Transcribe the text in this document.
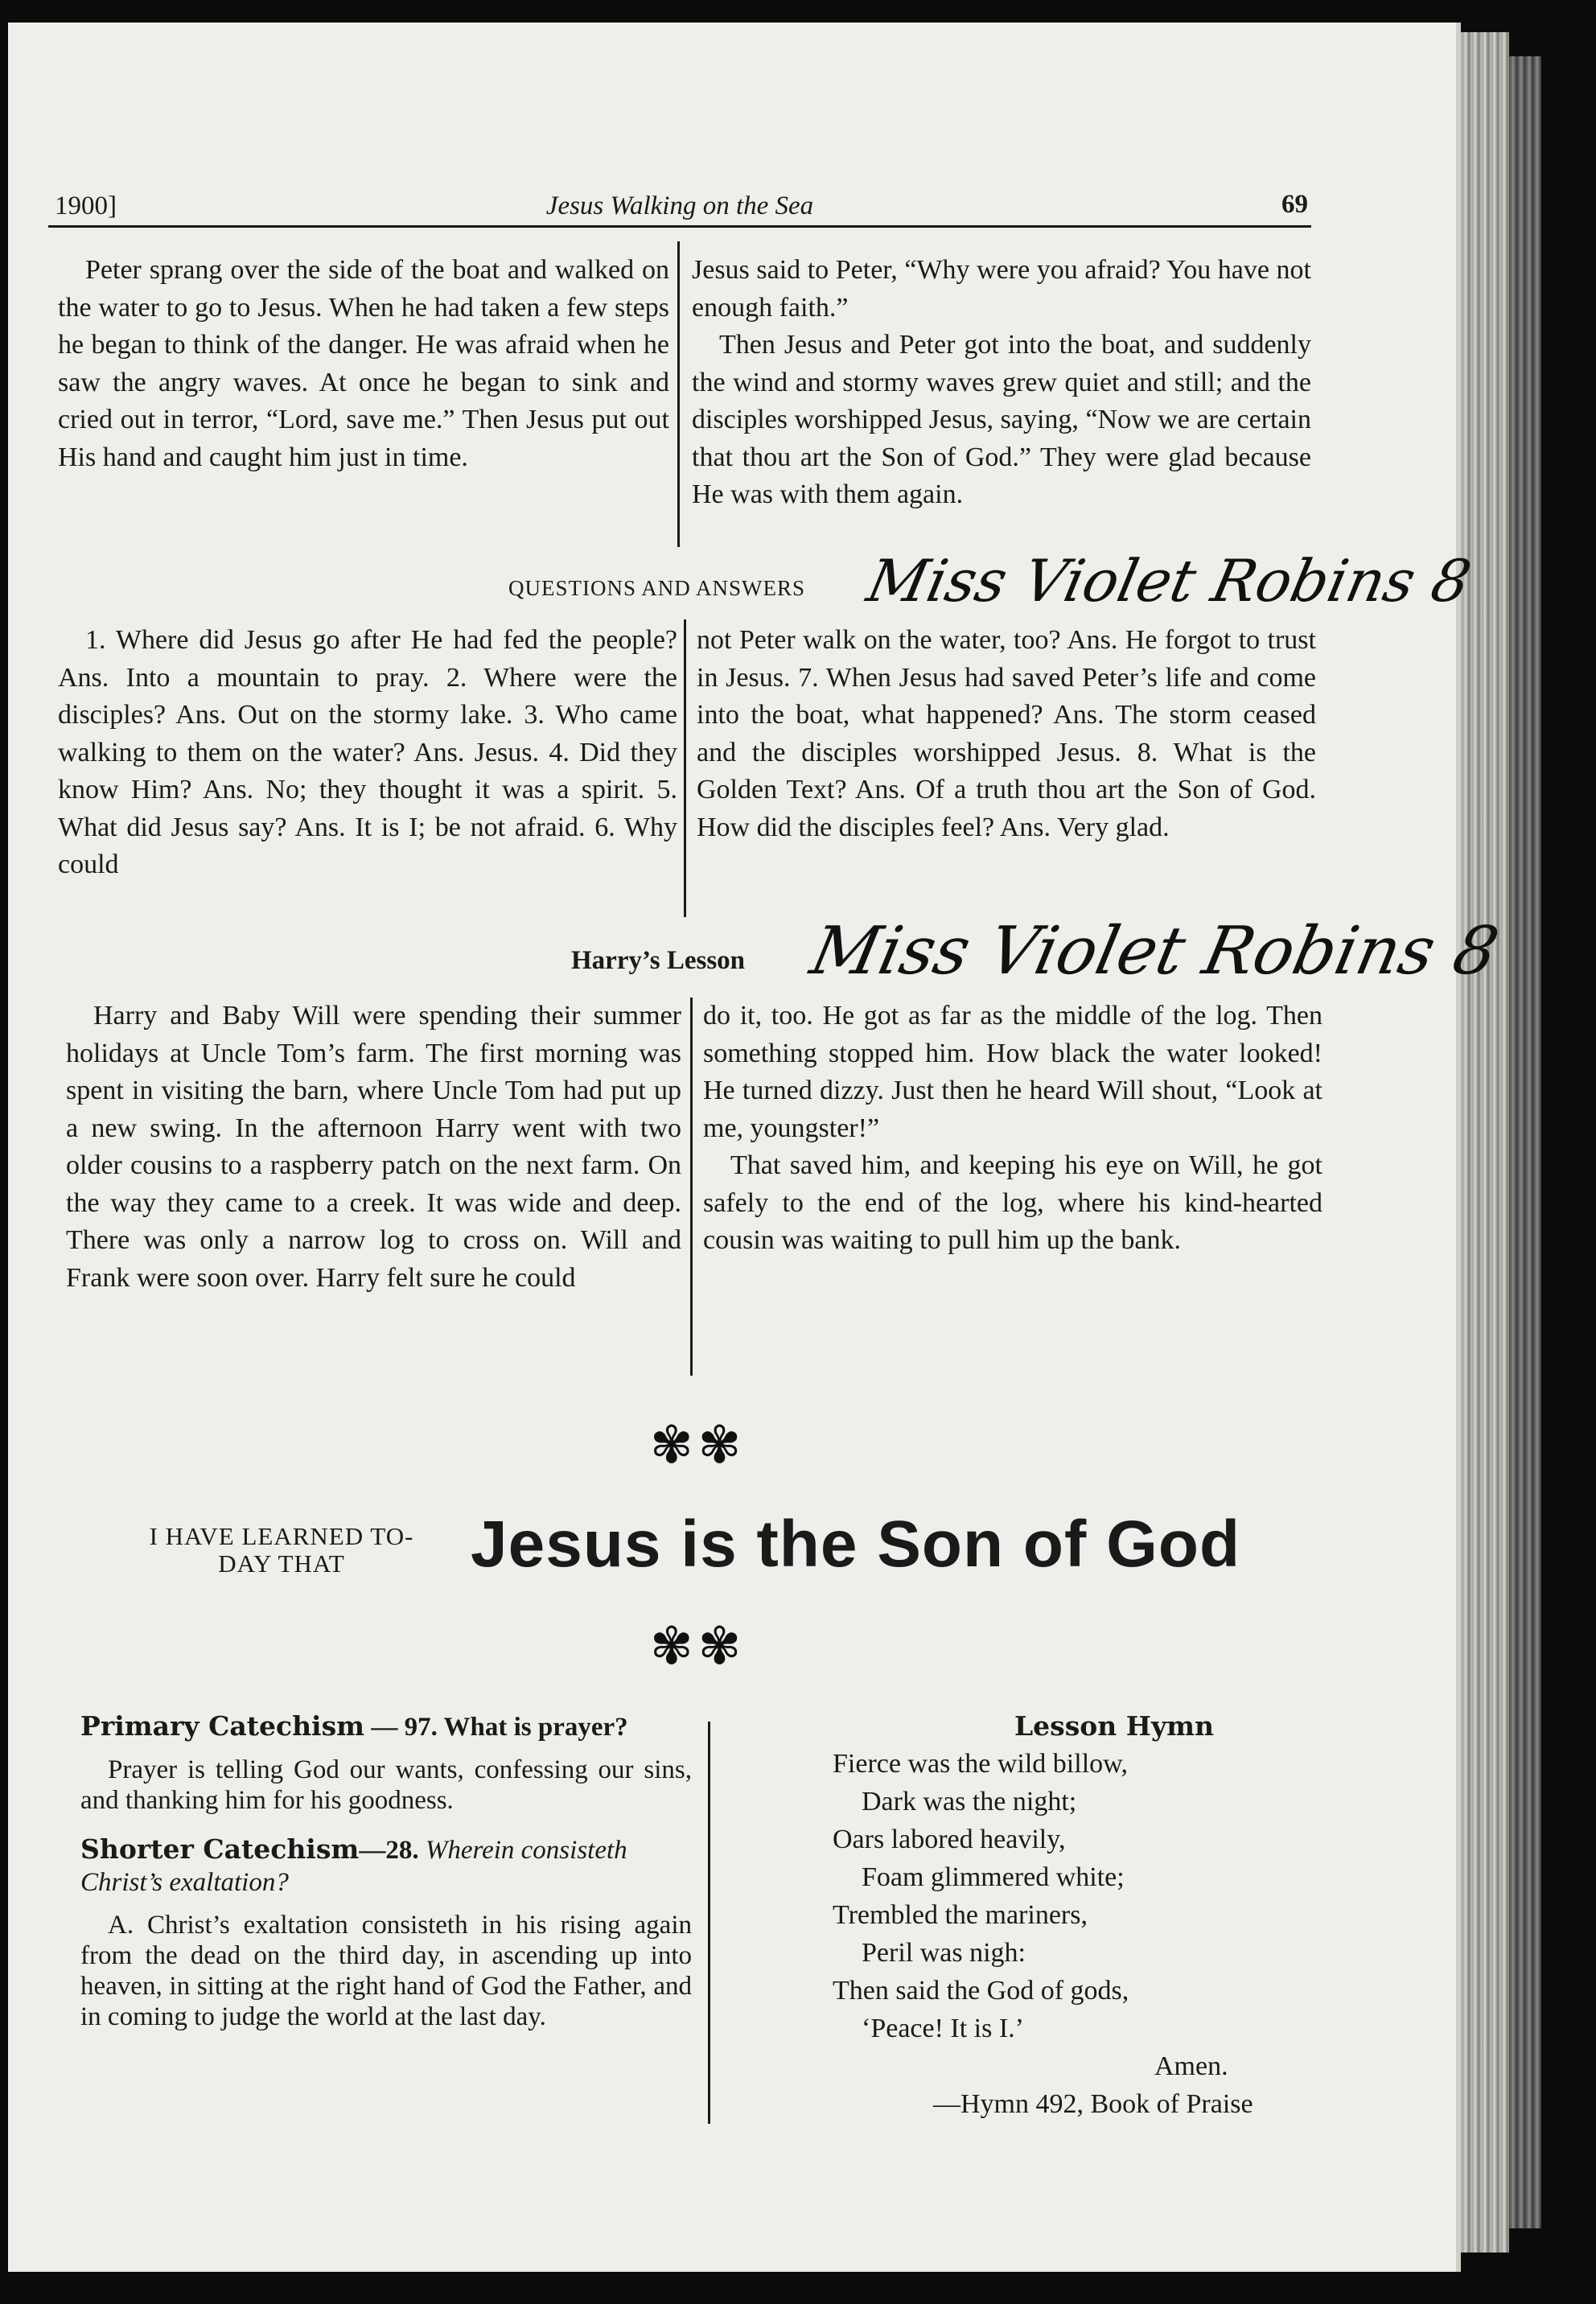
1900]	Jesus Walking on the Sea	69

Peter sprang over the side of the boat and walked on the water to go to Jesus. When he had taken a few steps he began to think of the danger. He was afraid when he saw the angry waves. At once he began to sink and cried out in terror, “Lord, save me.” Then Jesus put out His hand and caught him just in time.

Jesus said to Peter, “Why were you afraid? You have not enough faith.”

Then Jesus and Peter got into the boat, and suddenly the wind and stormy waves grew quiet and still; and the disciples worshipped Jesus, saying, “Now we are certain that thou art the Son of God.” They were glad because He was with them again.

QUESTIONS AND ANSWERS Miss Violet Robins 8

1. Where did Jesus go after He had fed the people? Ans. Into a mountain to pray. 2. Where were the disciples? Ans. Out on the stormy lake. 3. Who came walking to them on the water? Ans. Jesus. 4. Did they know Him? Ans. No; they thought it was a spirit. 5. What did Jesus say? Ans. It is I; be not afraid. 6. Why could

not Peter walk on the water, too? Ans. He forgot to trust in Jesus. 7. When Jesus had saved Peter’s life and come into the boat, what happened? Ans. The storm ceased and the disciples worshipped Jesus. 8. What is the Golden Text? Ans. Of a truth thou art the Son of God. How did the disciples feel? Ans. Very glad.

Harry’s Lesson Miss Violet Robins 8

Harry and Baby Will were spending their summer holidays at Uncle Tom’s farm. The first morning was spent in visiting the barn, where Uncle Tom had put up a new swing. In the afternoon Harry went with two older cousins to a raspberry patch on the next farm. On the way they came to a creek. It was wide and deep. There was only a narrow log to cross on. Will and Frank were soon over. Harry felt sure he could

do it, too. He got as far as the middle of the log. Then something stopped him. How black the water looked! He turned dizzy. Just then he heard Will shout, “Look at me, youngster!”

That saved him, and keeping his eye on Will, he got safely to the end of the log, where his kind-hearted cousin was waiting to pull him up the bank.

✾✾
✾✾
I HAVE LEARNED TO-DAY THAT	Jesus is the Son of God

Primary Catechism — 97. What is prayer?

Prayer is telling God our wants, confessing our sins, and thanking him for his goodness.

Shorter Catechism—28. Wherein consisteth Christ’s exaltation?

A. Christ’s exaltation consisteth in his rising again from the dead on the third day, in ascending up into heaven, in sitting at the right hand of God the Father, and in coming to judge the world at the last day.

Lesson Hymn
Fierce was the wild billow,
Dark was the night;
Oars labored heavily,
Foam glimmered white;
Trembled the mariners,
Peril was nigh:
Then said the God of gods,
‘Peace! It is I.’
Amen.
—Hymn 492, Book of Praise
